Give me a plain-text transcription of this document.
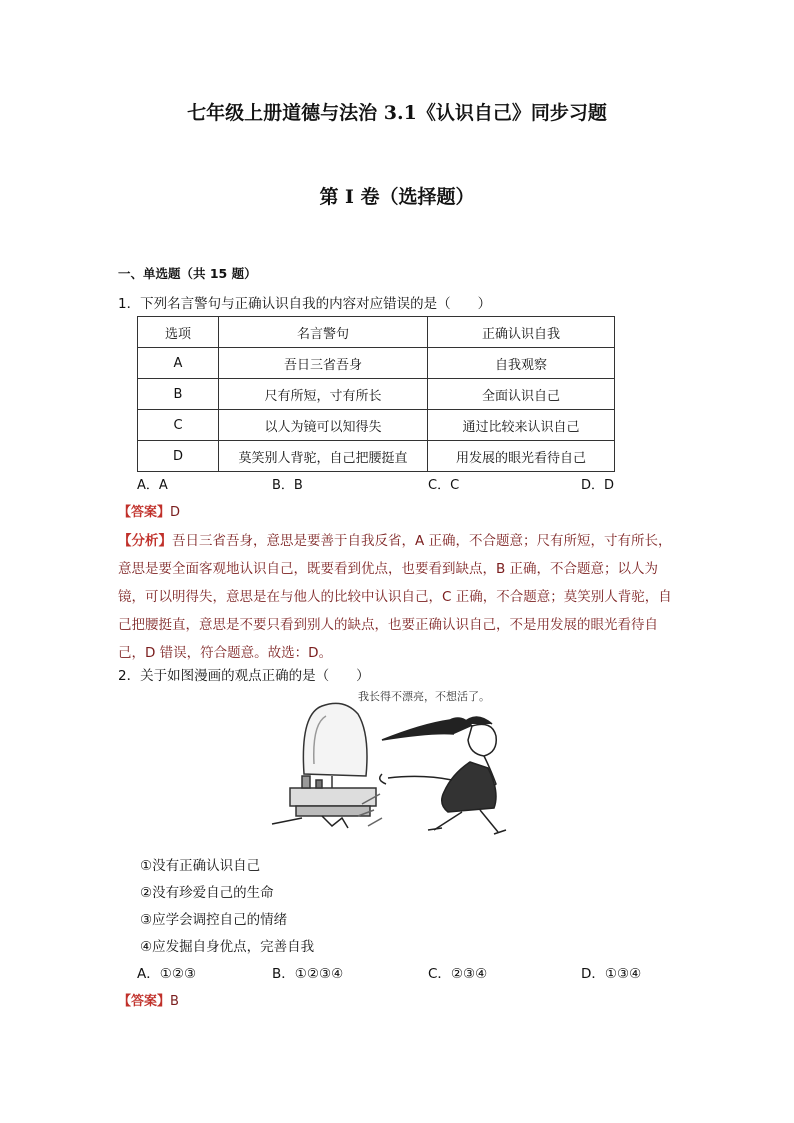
七年级上册道德与法治 3.1《认识自己》同步习题
第 I 卷（选择题）
一、单选题（共 15 题）
1．下列名言警句与正确认识自我的内容对应错误的是（　　）
选项	名言警句	正确认识自我
A	吾日三省吾身	自我观察
B	尺有所短，寸有所长	全面认识自己
C	以人为镜可以知得失	通过比较来认识自己
D	莫笑别人背驼，自己把腰挺直	用发展的眼光看待自己
A．A	B．B	C．C	D．D
【答案】D
【分析】吾日三省吾身，意思是要善于自我反省，A 正确，不合题意；尺有所短，寸有所长，意思是要全面客观地认识自己，既要看到优点，也要看到缺点，B 正确，不合题意；以人为镜，可以明得失，意思是在与他人的比较中认识自己，C 正确，不合题意；莫笑别人背驼，自己把腰挺直，意思是不要只看到别人的缺点，也要正确认识自己，不是用发展的眼光看待自己，D 错误，符合题意。故选：D。
2．关于如图漫画的观点正确的是（　　）
我长得不漂亮，不想活了。
①没有正确认识自己
②没有珍爱自己的生命
③应学会调控自己的情绪
④应发掘自身优点，完善自我
A．①②③	B．①②③④	C．②③④	D．①③④
【答案】B
